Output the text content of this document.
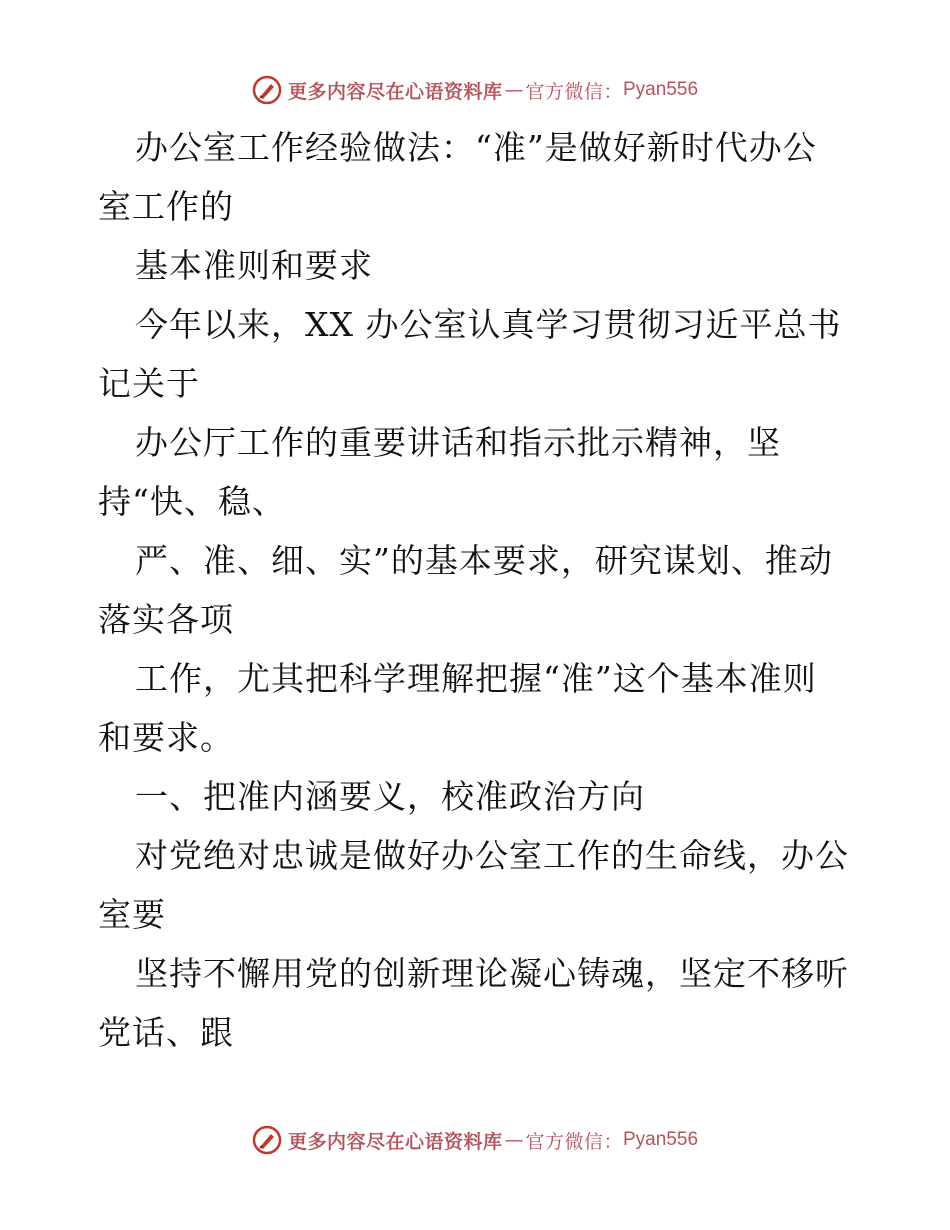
更多内容尽在心语资料库 — 官方微信： Pyan556
办公室工作经验做法：“准”是做好新时代办公
室工作的
基本准则和要求
今年以来，XX 办公室认真学习贯彻习近平总书
记关于
办公厅工作的重要讲话和指示批示精神，坚
持“快、稳、
严、准、细、实”的基本要求，研究谋划、推动
落实各项
工作，尤其把科学理解把握“准”这个基本准则
和要求。
一、把准内涵要义，校准政治方向
对党绝对忠诚是做好办公室工作的生命线，办公
室要
坚持不懈用党的创新理论凝心铸魂，坚定不移听
党话、跟
更多内容尽在心语资料库 — 官方微信： Pyan556
